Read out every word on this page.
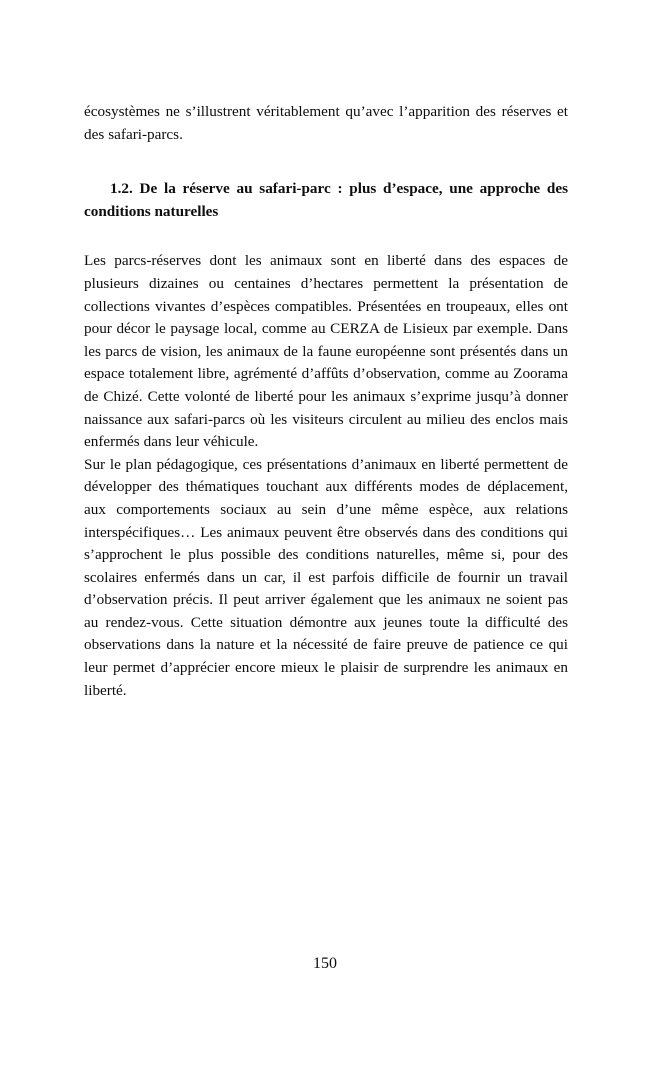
écosystèmes ne s’illustrent véritablement qu’avec l’apparition des réserves et des safari-parcs.

1.2. De la réserve au safari-parc : plus d’espace, une approche des conditions naturelles

Les parcs-réserves dont les animaux sont en liberté dans des espaces de plusieurs dizaines ou centaines d’hectares permettent la présentation de collections vivantes d’espèces compatibles. Présentées en troupeaux, elles ont pour décor le paysage local, comme au CERZA de Lisieux par exemple. Dans les parcs de vision, les animaux de la faune européenne sont présentés dans un espace totalement libre, agrémenté d’affûts d’observation, comme au Zoorama de Chizé. Cette volonté de liberté pour les animaux s’exprime jusqu’à donner naissance aux safari-parcs où les visiteurs circulent au milieu des enclos mais enfermés dans leur véhicule.

Sur le plan pédagogique, ces présentations d’animaux en liberté permettent de développer des thématiques touchant aux différents modes de déplacement, aux comportements sociaux au sein d’une même espèce, aux relations interspécifiques… Les animaux peuvent être observés dans des conditions qui s’approchent le plus possible des conditions naturelles, même si, pour des scolaires enfermés dans un car, il est parfois difficile de fournir un travail d’observation précis. Il peut arriver également que les animaux ne soient pas au rendez-vous. Cette situation démontre aux jeunes toute la difficulté des observations dans la nature et la nécessité de faire preuve de patience ce qui leur permet d’apprécier encore mieux le plaisir de surprendre les animaux en liberté.

150
